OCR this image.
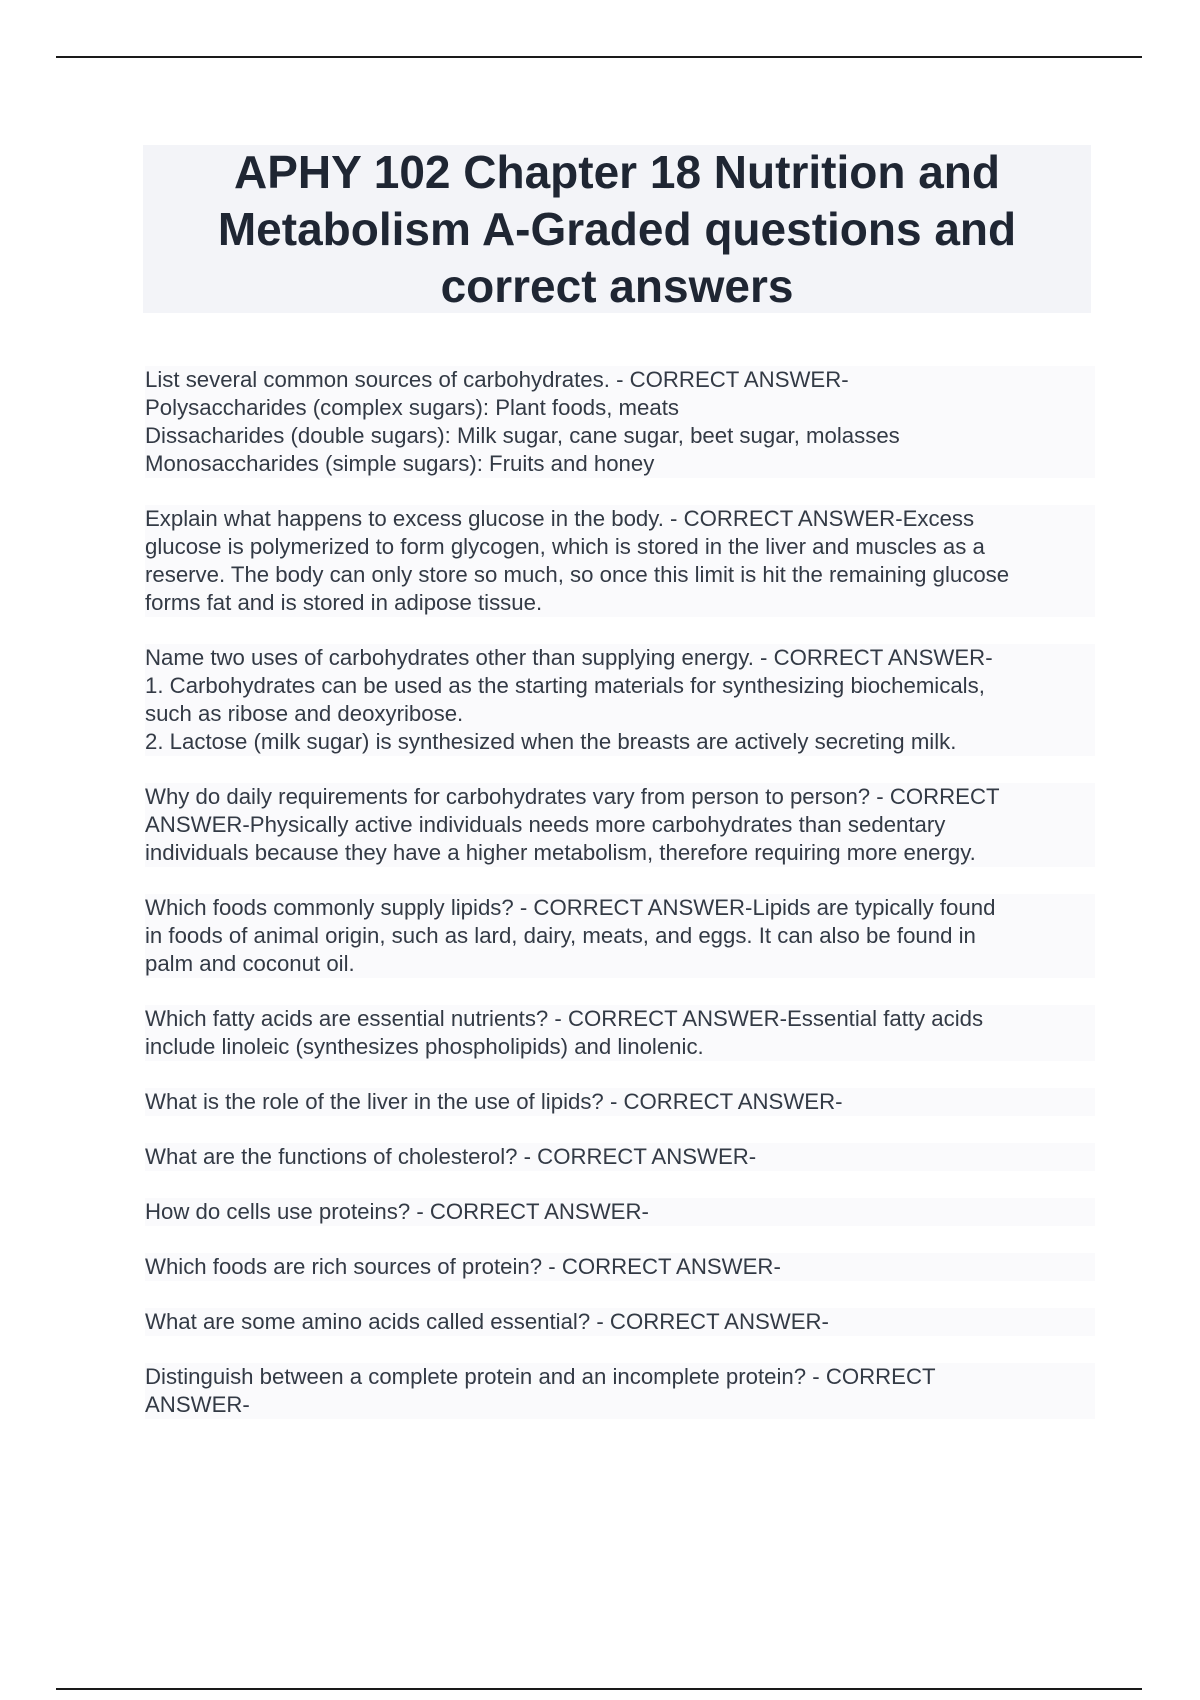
APHY 102 Chapter 18 Nutrition and Metabolism A-Graded questions and correct answers

List several common sources of carbohydrates. - CORRECT ANSWER-
Polysaccharides (complex sugars): Plant foods, meats
Dissacharides (double sugars): Milk sugar, cane sugar, beet sugar, molasses
Monosaccharides (simple sugars): Fruits and honey

Explain what happens to excess glucose in the body. - CORRECT ANSWER-Excess
glucose is polymerized to form glycogen, which is stored in the liver and muscles as a
reserve. The body can only store so much, so once this limit is hit the remaining glucose
forms fat and is stored in adipose tissue.

Name two uses of carbohydrates other than supplying energy. - CORRECT ANSWER-
1. Carbohydrates can be used as the starting materials for synthesizing biochemicals,
such as ribose and deoxyribose.
2. Lactose (milk sugar) is synthesized when the breasts are actively secreting milk.

Why do daily requirements for carbohydrates vary from person to person? - CORRECT
ANSWER-Physically active individuals needs more carbohydrates than sedentary
individuals because they have a higher metabolism, therefore requiring more energy.

Which foods commonly supply lipids? - CORRECT ANSWER-Lipids are typically found
in foods of animal origin, such as lard, dairy, meats, and eggs. It can also be found in
palm and coconut oil.

Which fatty acids are essential nutrients? - CORRECT ANSWER-Essential fatty acids
include linoleic (synthesizes phospholipids) and linolenic.

What is the role of the liver in the use of lipids? - CORRECT ANSWER-

What are the functions of cholesterol? - CORRECT ANSWER-

How do cells use proteins? - CORRECT ANSWER-

Which foods are rich sources of protein? - CORRECT ANSWER-

What are some amino acids called essential? - CORRECT ANSWER-

Distinguish between a complete protein and an incomplete protein? - CORRECT
ANSWER-
